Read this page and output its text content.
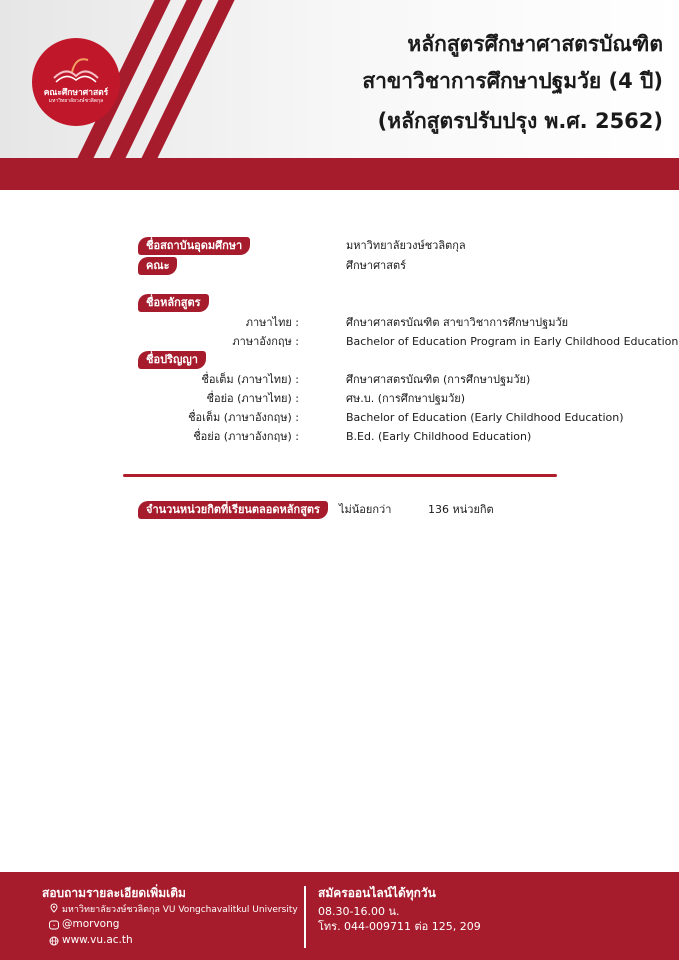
คณะศึกษาศาสตร์
มหาวิทยาลัยวงษ์ชวลิตกุล
หลักสูตรศึกษาศาสตรบัณฑิต
สาขาวิชาการศึกษาปฐมวัย (4 ปี)
(หลักสูตรปรับปรุง พ.ศ. 2562)
ชื่อสถาบันอุดมศึกษา	มหาวิทยาลัยวงษ์ชวลิตกุล
คณะ	ศึกษาศาสตร์
ชื่อหลักสูตร
ภาษาไทย :	ศึกษาศาสตรบัณฑิต สาขาวิชาการศึกษาปฐมวัย
ภาษาอังกฤษ :	Bachelor of Education Program in Early Childhood Education
ชื่อปริญญา
ชื่อเต็ม (ภาษาไทย) :	ศึกษาศาสตรบัณฑิต (การศึกษาปฐมวัย)
ชื่อย่อ (ภาษาไทย) :	ศษ.บ. (การศึกษาปฐมวัย)
ชื่อเต็ม (ภาษาอังกฤษ) :	Bachelor of Education (Early Childhood Education)
ชื่อย่อ (ภาษาอังกฤษ) :	B.Ed. (Early Childhood Education)
จำนวนหน่วยกิตที่เรียนตลอดหลักสูตร	ไม่น้อยกว่า	136 หน่วยกิต
สอบถามรายละเอียดเพิ่มเติม
มหาวิทยาลัยวงษ์ชวลิตกุล VU Vongchavalitkul University
• @morvong
www.vu.ac.th
สมัครออนไลน์ได้ทุกวัน
08.30-16.00 น.
โทร. 044-009711 ต่อ 125, 209
